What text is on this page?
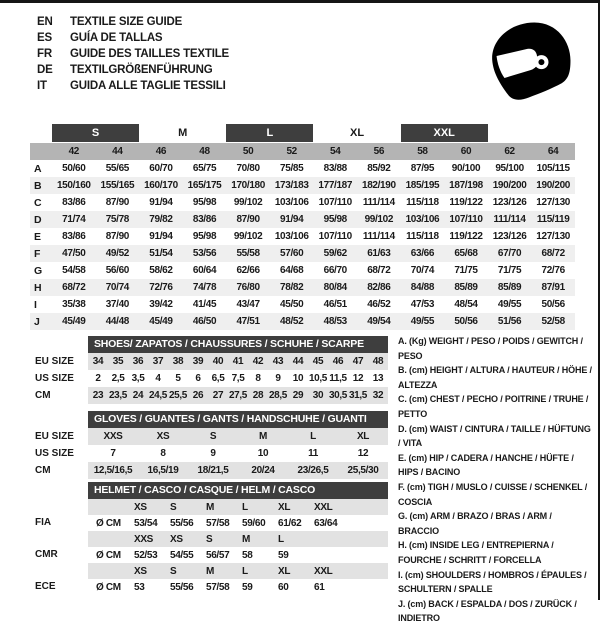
EN	TEXTILE SIZE GUIDE
ES	GUÍA DE TALLAS
FR	GUIDE DES TAILLES TEXTILE
DE	TEXTILGRÖßENFÜHRUNG
IT	GUIDA ALLE TAGLIE TESSILI
S	M	L	XL	XXL
42	44	46	48	50	52	54	56	58	60	62	64
A	50/60	55/65	60/70	65/75	70/80	75/85	83/88	85/92	87/95	90/100	95/100	105/115
B	150/160 155/165 160/170 165/175 170/180 173/183 177/187 182/190 185/195 187/198 190/200 190/200
C	83/86	87/90	91/94	95/98	99/102	103/106	107/110	111/114	115/118	119/122	123/126 127/130
D	71/74	75/78	79/82	83/86	87/90	91/94	95/98	99/102	103/106	107/110	111/114	115/119
E	83/86	87/90	91/94	95/98	99/102	103/106	107/110	111/114	115/118	119/122	123/126 127/130
F	47/50	49/52	51/54	53/56	55/58	57/60	59/62	61/63	63/66	65/68	67/70	68/72
G	54/58	56/60	58/62	60/64	62/66	64/68	66/70	68/72	70/74	71/75	71/75	72/76
H	68/72	70/74	72/76	74/78	76/80	78/82	80/84	82/86	84/88	85/89	85/89	87/91
I	35/38	37/40	39/42	41/45	43/47	45/50	46/51	46/52	47/53	48/54	49/55	50/56
J	45/49	44/48	45/49	46/50	47/51	48/52	48/53	49/54	49/55	50/56	51/56	52/58
SHOES/ ZAPATOS / CHAUSSURES / SCHUHE / SCARPE
EU SIZE	34 35 36 37 38 39 40 41 42 43 44 45 46 47 48
US SIZE	2	2,5 3,5	4	5	6	6,5 7,5	8	9	10 10,5 11,5 12 13
CM	23 23,5 24 24,5 25,5 26 27 27,5 28 28,5 29 30 30,5 31,5 32
GLOVES / GUANTES / GANTS / HANDSCHUHE / GUANTI
EU SIZE	XXS	XS	S	M	L	XL
US SIZE	7	8	9	10	11	12
CM	12,5/16,5	16,5/19	18/21,5	20/24	23/26,5	25,5/30
HELMET / CASCO / CASQUE / HELM / CASCO
XS	S	M	L	XL	XXL
FIA	Ø CM	53/54	55/56	57/58	59/60	61/62	63/64
XXS	XS	S	M	L
CMR	Ø CM	52/53	54/55	56/57	58	59
XS	S	M	L	XL	XXL
ECE	Ø CM	53	55/56	57/58	59	60	61
A. (Kg) WEIGHT / PESO / POIDS / GEWITCH / PESO
B. (cm) HEIGHT / ALTURA / HAUTEUR / HÖHE / ALTEZZA
C. (cm) CHEST / PECHO / POITRINE / TRUHE / PETTO
D. (cm) WAIST / CINTURA / TAILLE / HÜFTUNG / VITA
E. (cm) HIP / CADERA / HANCHE / HÜFTE / HIPS / BACINO
F. (cm) TIGH / MUSLO / CUISSE / SCHENKEL / COSCIA
G. (cm) ARM / BRAZO / BRAS / ARM / BRACCIO
H. (cm) INSIDE LEG / ENTREPIERNA / FOURCHE / SCHRITT / FORCELLA
I. (cm) SHOULDERS / HOMBROS / ÉPAULES / SCHULTERN / SPALLE
J. (cm) BACK / ESPALDA / DOS / ZURÜCK / INDIETRO
